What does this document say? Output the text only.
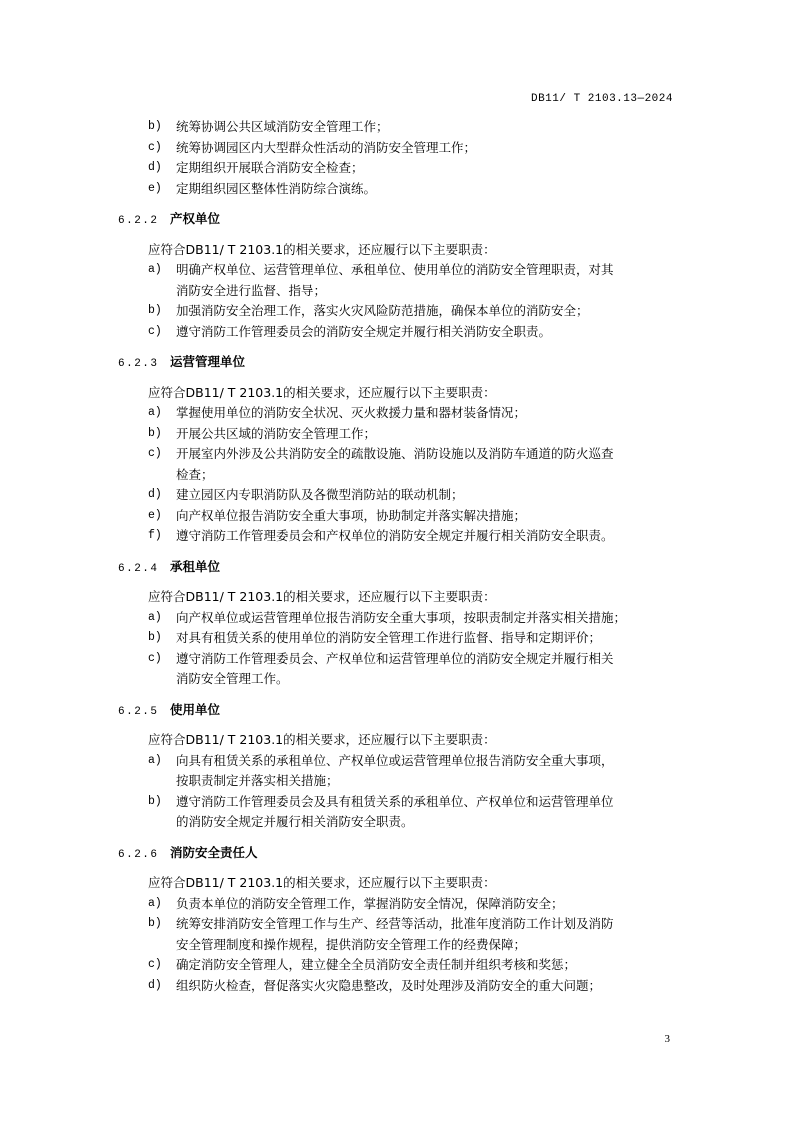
DB11/ T 2103.13—2024
b) 统筹协调公共区域消防安全管理工作；
c) 统筹协调园区内大型群众性活动的消防安全管理工作；
d) 定期组织开展联合消防安全检查；
e) 定期组织园区整体性消防综合演练。
6.2.2 产权单位
应符合DB11/ T 2103.1的相关要求，还应履行以下主要职责：
a) 明确产权单位、运营管理单位、承租单位、使用单位的消防安全管理职责，对其
消防安全进行监督、指导；
b) 加强消防安全治理工作，落实火灾风险防范措施，确保本单位的消防安全；
c) 遵守消防工作管理委员会的消防安全规定并履行相关消防安全职责。
6.2.3 运营管理单位
应符合DB11/ T 2103.1的相关要求，还应履行以下主要职责：
a) 掌握使用单位的消防安全状况、灭火救援力量和器材装备情况；
b) 开展公共区域的消防安全管理工作；
c) 开展室内外涉及公共消防安全的疏散设施、消防设施以及消防车通道的防火巡查
检查；
d) 建立园区内专职消防队及各微型消防站的联动机制；
e) 向产权单位报告消防安全重大事项，协助制定并落实解决措施；
f) 遵守消防工作管理委员会和产权单位的消防安全规定并履行相关消防安全职责。
6.2.4 承租单位
应符合DB11/ T 2103.1的相关要求，还应履行以下主要职责：
a) 向产权单位或运营管理单位报告消防安全重大事项，按职责制定并落实相关措施；
b) 对具有租赁关系的使用单位的消防安全管理工作进行监督、指导和定期评价；
c) 遵守消防工作管理委员会、产权单位和运营管理单位的消防安全规定并履行相关
消防安全管理工作。
6.2.5 使用单位
应符合DB11/ T 2103.1的相关要求，还应履行以下主要职责：
a) 向具有租赁关系的承租单位、产权单位或运营管理单位报告消防安全重大事项，
按职责制定并落实相关措施；
b) 遵守消防工作管理委员会及具有租赁关系的承租单位、产权单位和运营管理单位
的消防安全规定并履行相关消防安全职责。
6.2.6 消防安全责任人
应符合DB11/ T 2103.1的相关要求，还应履行以下主要职责：
a) 负责本单位的消防安全管理工作，掌握消防安全情况，保障消防安全；
b) 统筹安排消防安全管理工作与生产、经营等活动，批准年度消防工作计划及消防
安全管理制度和操作规程，提供消防安全管理工作的经费保障；
c) 确定消防安全管理人，建立健全全员消防安全责任制并组织考核和奖惩；
d) 组织防火检查，督促落实火灾隐患整改，及时处理涉及消防安全的重大问题；
3
